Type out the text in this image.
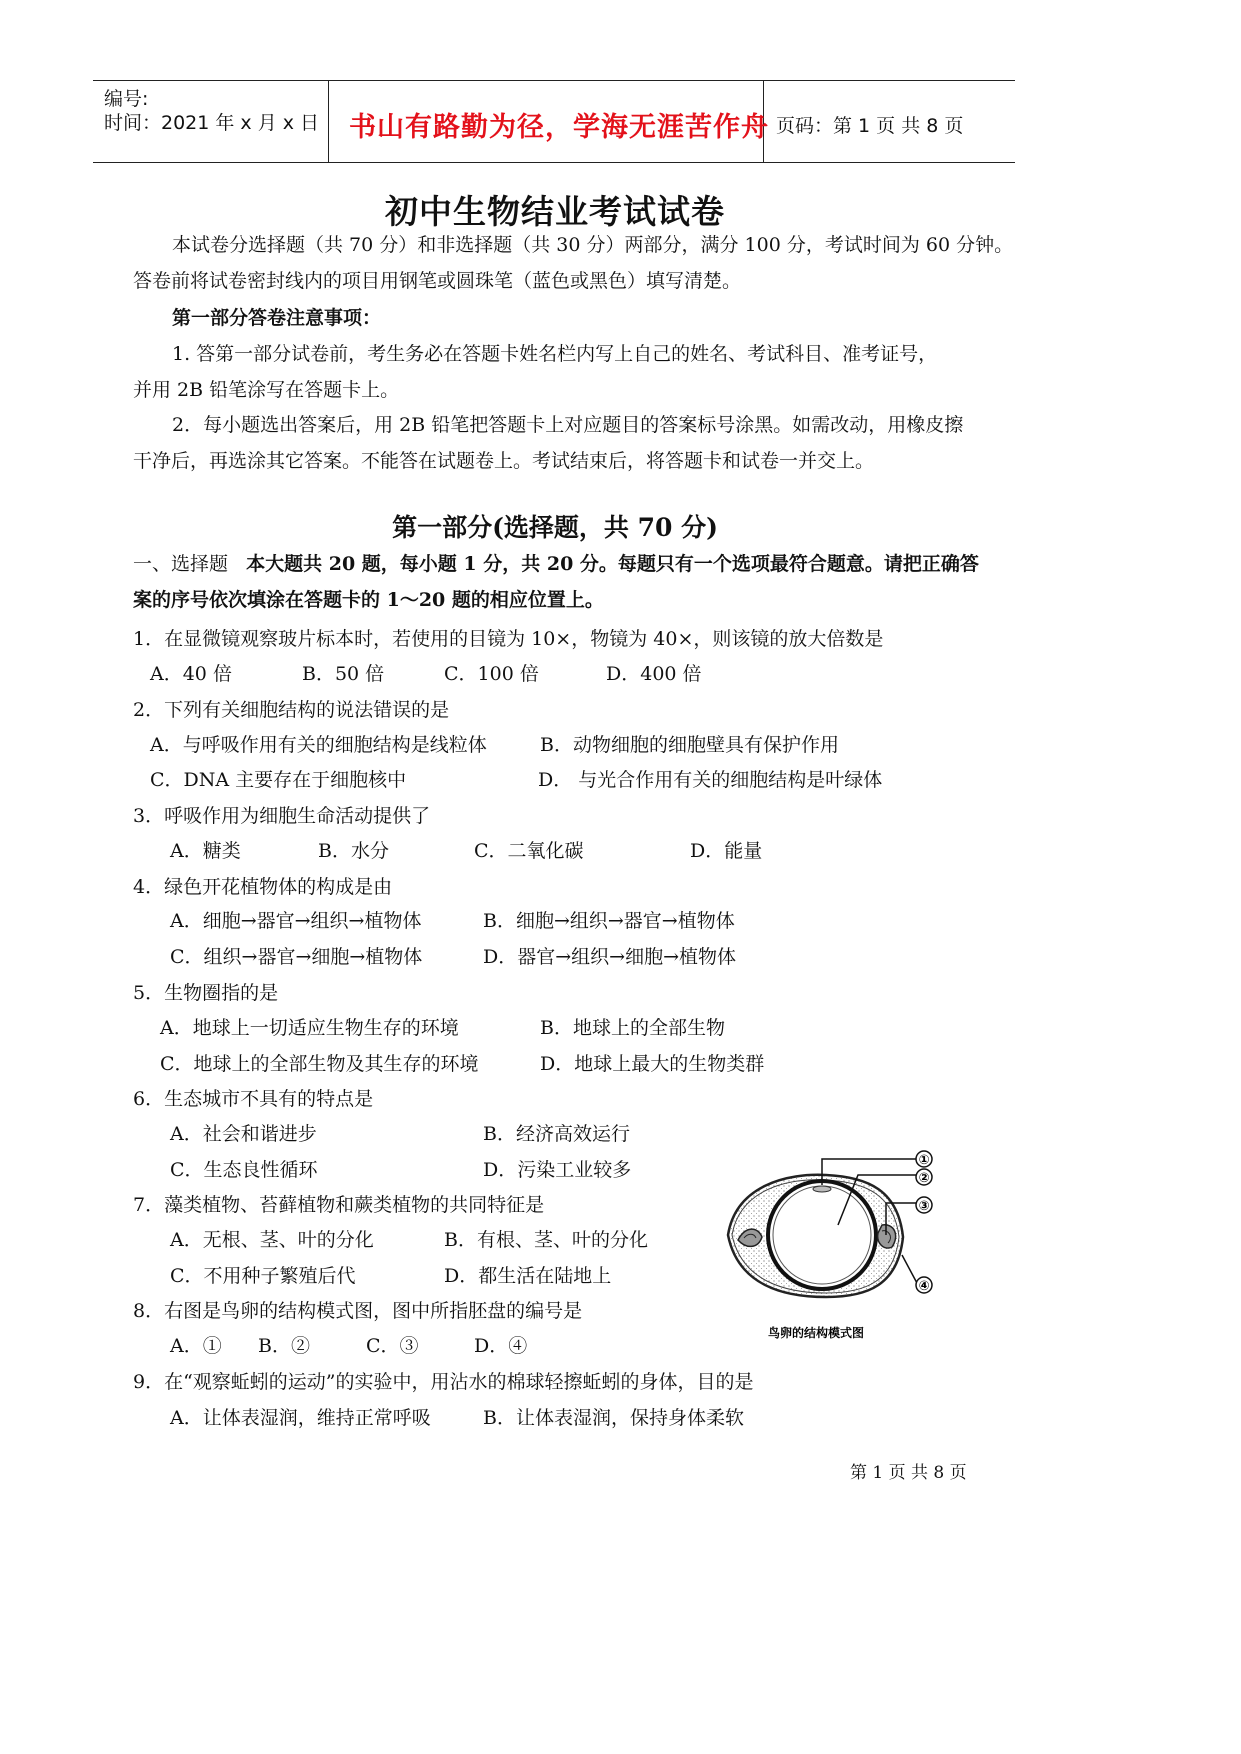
编号:
时间：2021 年 x 月 x 日 书山有路勤为径，学海无涯苦作舟 页码：第 1 页 共 8 页
初中生物结业考试试卷
本试卷分选择题（共 70 分）和非选择题（共 30 分）两部分，满分 100 分，考试时间为 60 分钟。
答卷前将试卷密封线内的项目用钢笔或圆珠笔（蓝色或黑色）填写清楚。
第一部分答卷注意事项：
1. 答第一部分试卷前，考生务必在答题卡姓名栏内写上自己的姓名、考试科目、准考证号，
并用 2B 铅笔涂写在答题卡上。
2．每小题选出答案后，用 2B 铅笔把答题卡上对应题目的答案标号涂黑。如需改动，用橡皮擦
干净后，再选涂其它答案。不能答在试题卷上。考试结束后，将答题卡和试卷一并交上。
第一部分(选择题，共 70 分)
一、选择题 本大题共 20 题，每小题 1 分，共 20 分。每题只有一个选项最符合题意。请把正确答
案的序号依次填涂在答题卡的 1～20 题的相应位置上。
1．在显微镜观察玻片标本时，若使用的目镜为 10×，物镜为 40×，则该镜的放大倍数是
A．40 倍	B．50 倍	C．100 倍	D．400 倍
2．下列有关细胞结构的说法错误的是
A．与呼吸作用有关的细胞结构是线粒体	B．动物细胞的细胞壁具有保护作用
C．DNA 主要存在于细胞核中	D． 与光合作用有关的细胞结构是叶绿体
3．呼吸作用为细胞生命活动提供了
A．糖类	B．水分	C．二氧化碳	D．能量
4．绿色开花植物体的构成是由
A．细胞→器官→组织→植物体	B．细胞→组织→器官→植物体
C．组织→器官→细胞→植物体	D．器官→组织→细胞→植物体
5．生物圈指的是
A．地球上一切适应生物生存的环境	B．地球上的全部生物
C．地球上的全部生物及其生存的环境	D．地球上最大的生物类群
6．生态城市不具有的特点是
A．社会和谐进步	B．经济高效运行
C．生态良性循环	D．污染工业较多
7．藻类植物、苔藓植物和蕨类植物的共同特征是
A．无根、茎、叶的分化	B．有根、茎、叶的分化
C．不用种子繁殖后代	D．都生活在陆地上
8．右图是鸟卵的结构模式图，图中所指胚盘的编号是
A．① B．②	C．③	D．④
9．在“观察蚯蚓的运动”的实验中，用沾水的棉球轻擦蚯蚓的身体，目的是
A．让体表湿润，维持正常呼吸	B．让体表湿润，保持身体柔软
①
②
③
④
鸟卵的结构模式图
第 1 页 共 8 页
